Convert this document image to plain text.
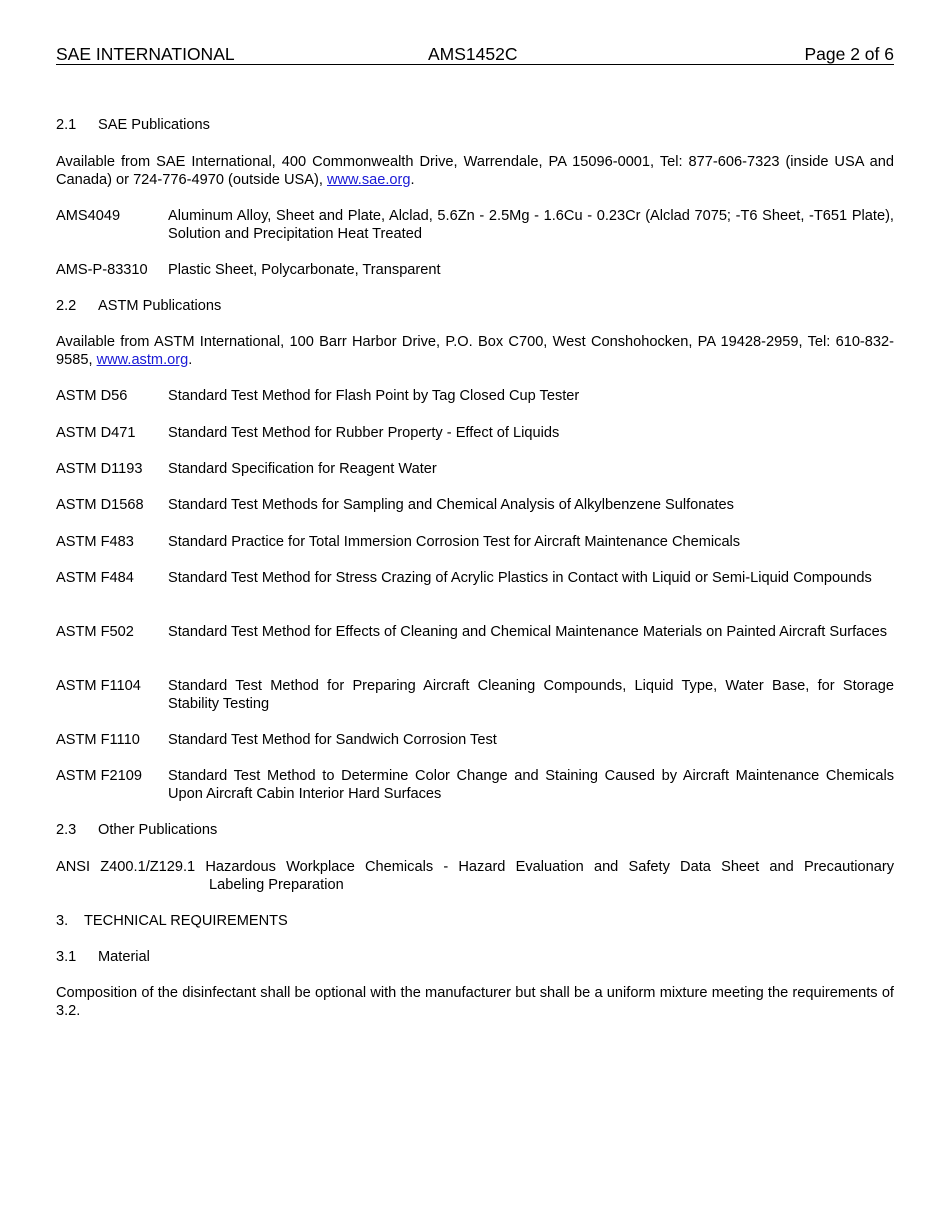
SAE INTERNATIONAL	AMS1452C	Page 2 of 6
2.1 SAE Publications
Available from SAE International, 400 Commonwealth Drive, Warrendale, PA 15096-0001, Tel: 877-606-7323 (inside USA and Canada) or 724-776-4970 (outside USA), www.sae.org.
AMS4049	Aluminum Alloy, Sheet and Plate, Alclad, 5.6Zn - 2.5Mg - 1.6Cu - 0.23Cr (Alclad 7075; -T6 Sheet, -T651 Plate), Solution and Precipitation Heat Treated
AMS-P-83310	Plastic Sheet, Polycarbonate, Transparent
2.2 ASTM Publications
Available from ASTM International, 100 Barr Harbor Drive, P.O. Box C700, West Conshohocken, PA 19428-2959, Tel: 610-832-9585, www.astm.org.
ASTM D56	Standard Test Method for Flash Point by Tag Closed Cup Tester
ASTM D471	Standard Test Method for Rubber Property - Effect of Liquids
ASTM D1193	Standard Specification for Reagent Water
ASTM D1568	Standard Test Methods for Sampling and Chemical Analysis of Alkylbenzene Sulfonates
ASTM F483	Standard Practice for Total Immersion Corrosion Test for Aircraft Maintenance Chemicals
ASTM F484	Standard Test Method for Stress Crazing of Acrylic Plastics in Contact with Liquid or Semi-Liquid Compounds
ASTM F502	Standard Test Method for Effects of Cleaning and Chemical Maintenance Materials on Painted Aircraft Surfaces
ASTM F1104	Standard Test Method for Preparing Aircraft Cleaning Compounds, Liquid Type, Water Base, for Storage Stability Testing
ASTM F1110	Standard Test Method for Sandwich Corrosion Test
ASTM F2109	Standard Test Method to Determine Color Change and Staining Caused by Aircraft Maintenance Chemicals Upon Aircraft Cabin Interior Hard Surfaces
2.3 Other Publications
ANSI Z400.1/Z129.1 Hazardous Workplace Chemicals - Hazard Evaluation and Safety Data Sheet and Precautionary
Labeling Preparation
3. TECHNICAL REQUIREMENTS
3.1 Material
Composition of the disinfectant shall be optional with the manufacturer but shall be a uniform mixture meeting the requirements of 3.2.
